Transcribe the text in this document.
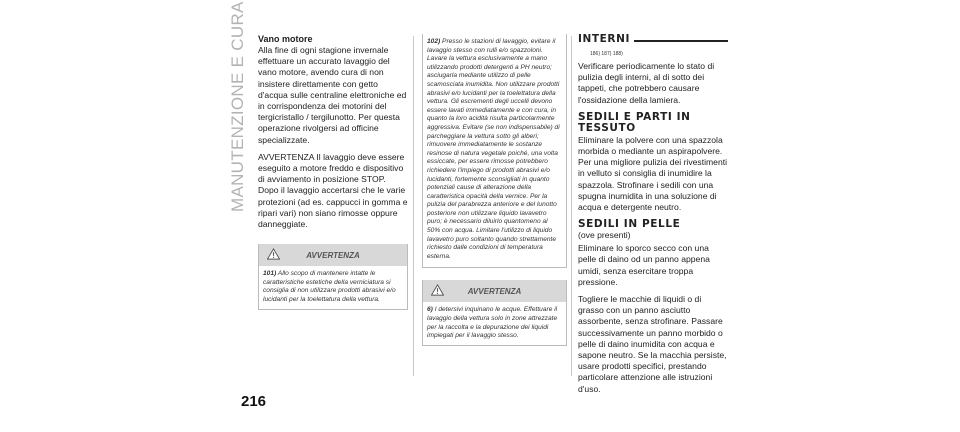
MANUTENZIONE E CURA
216
Vano motore

Alla fine di ogni stagione invernale effettuare un accurato lavaggio del vano motore, avendo cura di non insistere direttamente con getto d'acqua sulle centraline elettroniche ed in corrispondenza dei motorini del tergicristallo / tergilunotto. Per questa operazione rivolgersi ad officine specializzate.

AVVERTENZA Il lavaggio deve essere eseguito a motore freddo e dispositivo di avviamento in posizione STOP. Dopo il lavaggio accertarsi che le varie protezioni (ad es. cappucci in gomma e ripari vari) non siano rimosse oppure danneggiate.

AVVERTENZA

101) Allo scopo di mantenere intatte le caratteristiche estetiche della verniciatura si consiglia di non utilizzare prodotti abrasivi e/o lucidanti per la toelettatura della vettura.

102) Presso le stazioni di lavaggio, evitare il lavaggio stesso con rulli e/o spazzoloni. Lavare la vettura esclusivamente a mano utilizzando prodotti detergenti a PH neutro; asciugarla mediante utilizzo di pelle scamosciata inumidita. Non utilizzare prodotti abrasivi e/o lucidanti per la toelettatura della vettura. Gli escrementi degli uccelli devono essere lavati immediatamente e con cura, in quanto la loro acidità risulta particolarmente aggressiva. Evitare (se non indispensabile) di parcheggiare la vettura sotto gli alberi; rimuovere immediatamente le sostanze resinose di natura vegetale poiché, una volta essiccate, per essere rimosse potrebbero richiedere l'impiego di prodotti abrasivi e/o lucidanti, fortemente sconsigliati in quanto potenziali cause di alterazione della caratteristica opacità della vernice. Per la pulizia del parabrezza anteriore e del lunotto posteriore non utilizzare liquido lavavetro puro; è necessario diluirlo quantomeno al 50% con acqua. Limitare l'utilizzo di liquido lavavetro puro soltanto quando strettamente richiesto dalle condizioni di temperatura esterna.

AVVERTENZA

6) I detersivi inquinano le acque. Effettuare il lavaggio della vettura solo in zone attrezzate per la raccolta e la depurazione dei liquidi impiegati per il lavaggio stesso.

INTERNI
186) 187) 188)

Verificare periodicamente lo stato di pulizia degli interni, al di sotto dei tappeti, che potrebbero causare l'ossidazione della lamiera.

SEDILI E PARTI IN TESSUTO

Eliminare la polvere con una spazzola morbida o mediante un aspirapolvere. Per una migliore pulizia dei rivestimenti in velluto si consiglia di inumidire la spazzola. Strofinare i sedili con una spugna inumidita in una soluzione di acqua e detergente neutro.

SEDILI IN PELLE
(ove presenti)

Eliminare lo sporco secco con una pelle di daino od un panno appena umidi, senza esercitare troppa pressione.

Togliere le macchie di liquidi o di grasso con un panno asciutto assorbente, senza strofinare. Passare successivamente un panno morbido o pelle di daino inumidita con acqua e sapone neutro. Se la macchia persiste, usare prodotti specifici, prestando particolare attenzione alle istruzioni d'uso.
